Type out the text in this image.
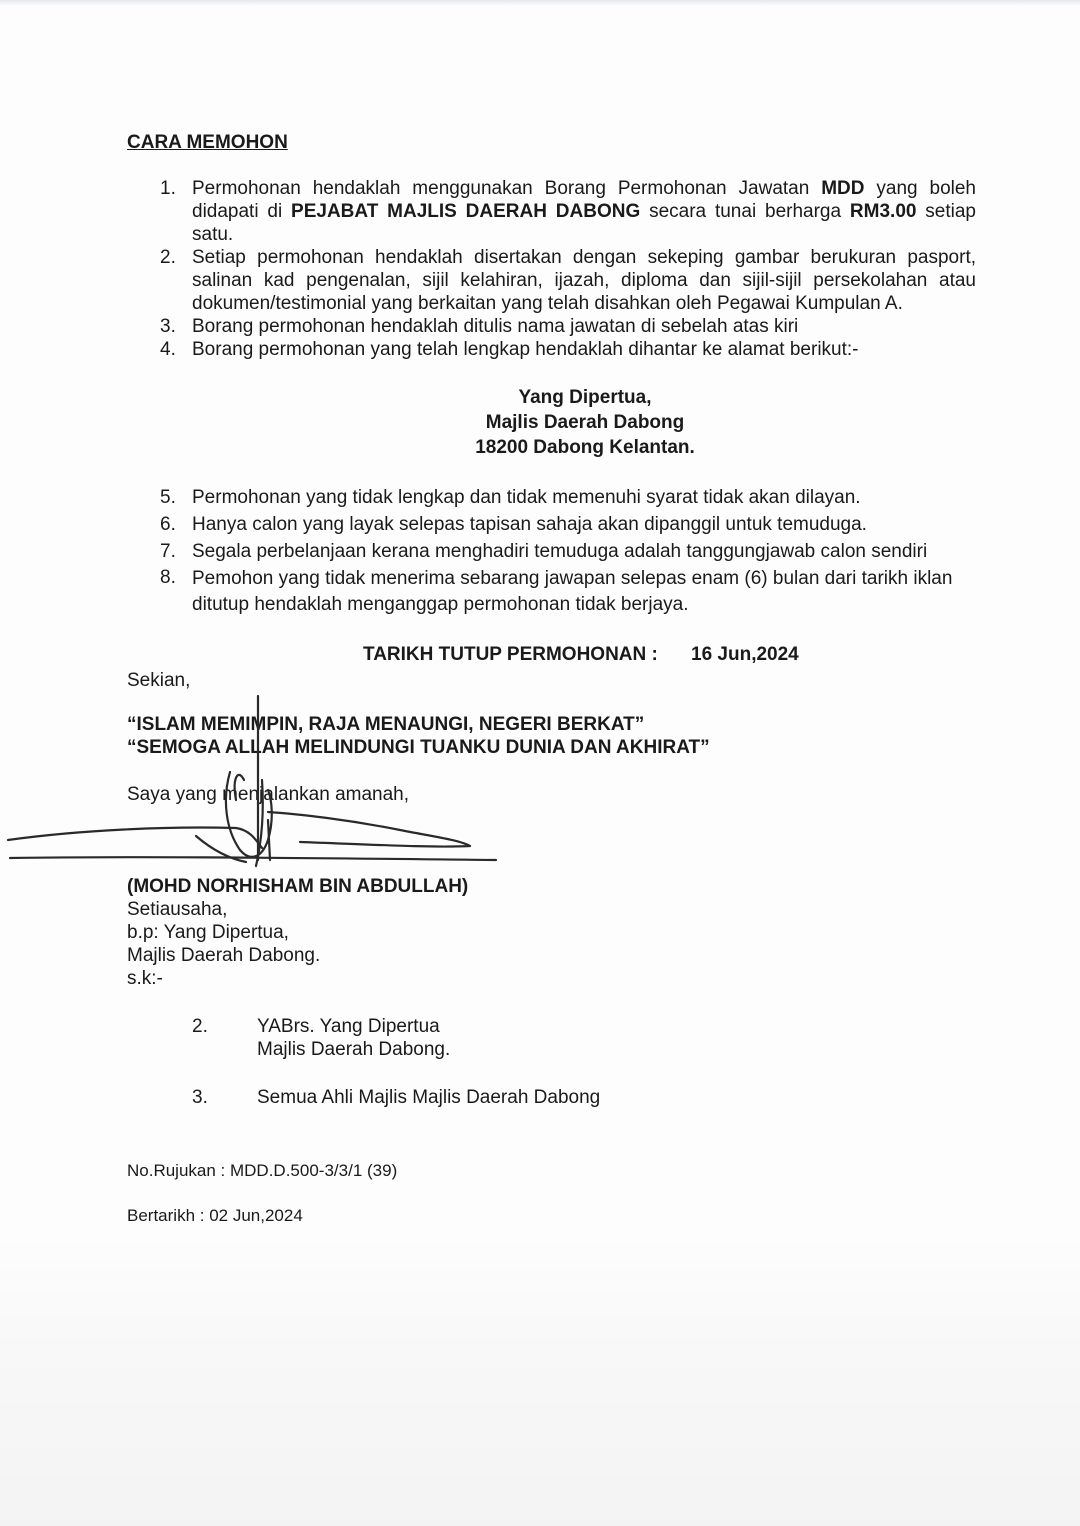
CARA MEMOHON
1. Permohonan hendaklah menggunakan Borang Permohonan Jawatan MDD yang boleh didapati di PEJABAT MAJLIS DAERAH DABONG secara tunai berharga RM3.00 setiap satu.
2. Setiap permohonan hendaklah disertakan dengan sekeping gambar berukuran pasport, salinan kad pengenalan, sijil kelahiran, ijazah, diploma dan sijil-sijil persekolahan atau dokumen/testimonial yang berkaitan yang telah disahkan oleh Pegawai Kumpulan A.
3. Borang permohonan hendaklah ditulis nama jawatan di sebelah atas kiri
4. Borang permohonan yang telah lengkap hendaklah dihantar ke alamat berikut:-
Yang Dipertua,
Majlis Daerah Dabong
18200 Dabong Kelantan.
5. Permohonan yang tidak lengkap dan tidak memenuhi syarat tidak akan dilayan.
6. Hanya calon yang layak selepas tapisan sahaja akan dipanggil untuk temuduga.
7. Segala perbelanjaan kerana menghadiri temuduga adalah tanggungjawab calon sendiri
8. Pemohon yang tidak menerima sebarang jawapan selepas enam (6) bulan dari tarikh iklan ditutup hendaklah menganggap permohonan tidak berjaya.
TARIKH TUTUP PERMOHONAN : 16 Jun,2024
Sekian,
“ISLAM MEMIMPIN, RAJA MENAUNGI, NEGERI BERKAT”
“SEMOGA ALLAH MELINDUNGI TUANKU DUNIA DAN AKHIRAT”
Saya yang menjalankan amanah,
(MOHD NORHISHAM BIN ABDULLAH)
Setiausaha,
b.p: Yang Dipertua,
Majlis Daerah Dabong.
s.k:-
2.	YABrs. Yang Dipertua
Majlis Daerah Dabong.
3.	Semua Ahli Majlis Majlis Daerah Dabong
No.Rujukan : MDD.D.500-3/3/1 (39)
Bertarikh : 02 Jun,2024
